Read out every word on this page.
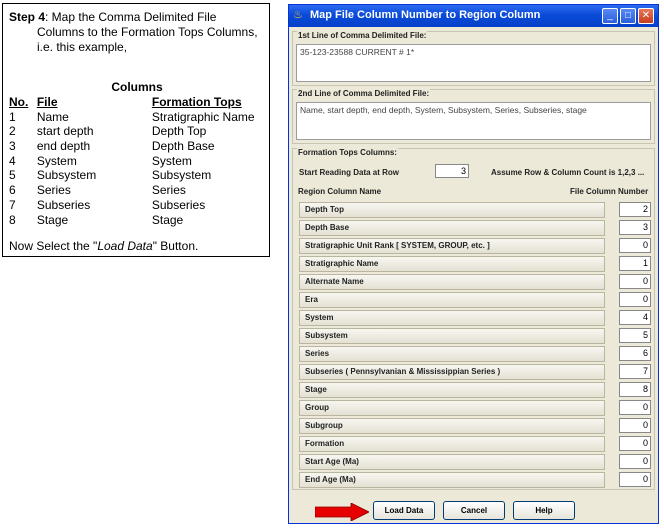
Step 4: Map the Comma Delimited File
Columns to the Formation Tops Columns,
i.e. this example,
Columns
No.	File	Formation Tops
1	Name	Stratigraphic Name
2	start depth	Depth Top
3	end depth	Depth Base
4	System	System
5	Subsystem	Subsystem
6	Series	Series
7	Subseries	Subseries
8	Stage	Stage
Now Select the "Load Data" Button.
♨ Map File Column Number to Region Column	_	□	✕
1st Line of Comma Delimited File:
35-123-23588 CURRENT # 1*
2nd Line of Comma Delimited File:
Name, start depth, end depth, System, Subsystem, Series, Subseries, stage
Formation Tops Columns:
Start Reading Data at Row	3	Assume Row & Column Count is 1,2,3 ...
Region Column Name	File Column Number
Depth Top	2
Depth Base	3
Stratigraphic Unit Rank [ SYSTEM, GROUP, etc. ]	0
Stratigraphic Name	1
Alternate Name	0
Era	0
System	4
Subsystem	5
Series	6
Subseries ( Pennsylvanian & Mississippian Series )	7
Stage	8
Group	0
Subgroup	0
Formation	0
Start Age (Ma)	0
End Age (Ma)	0
Load Data	Cancel	Help
